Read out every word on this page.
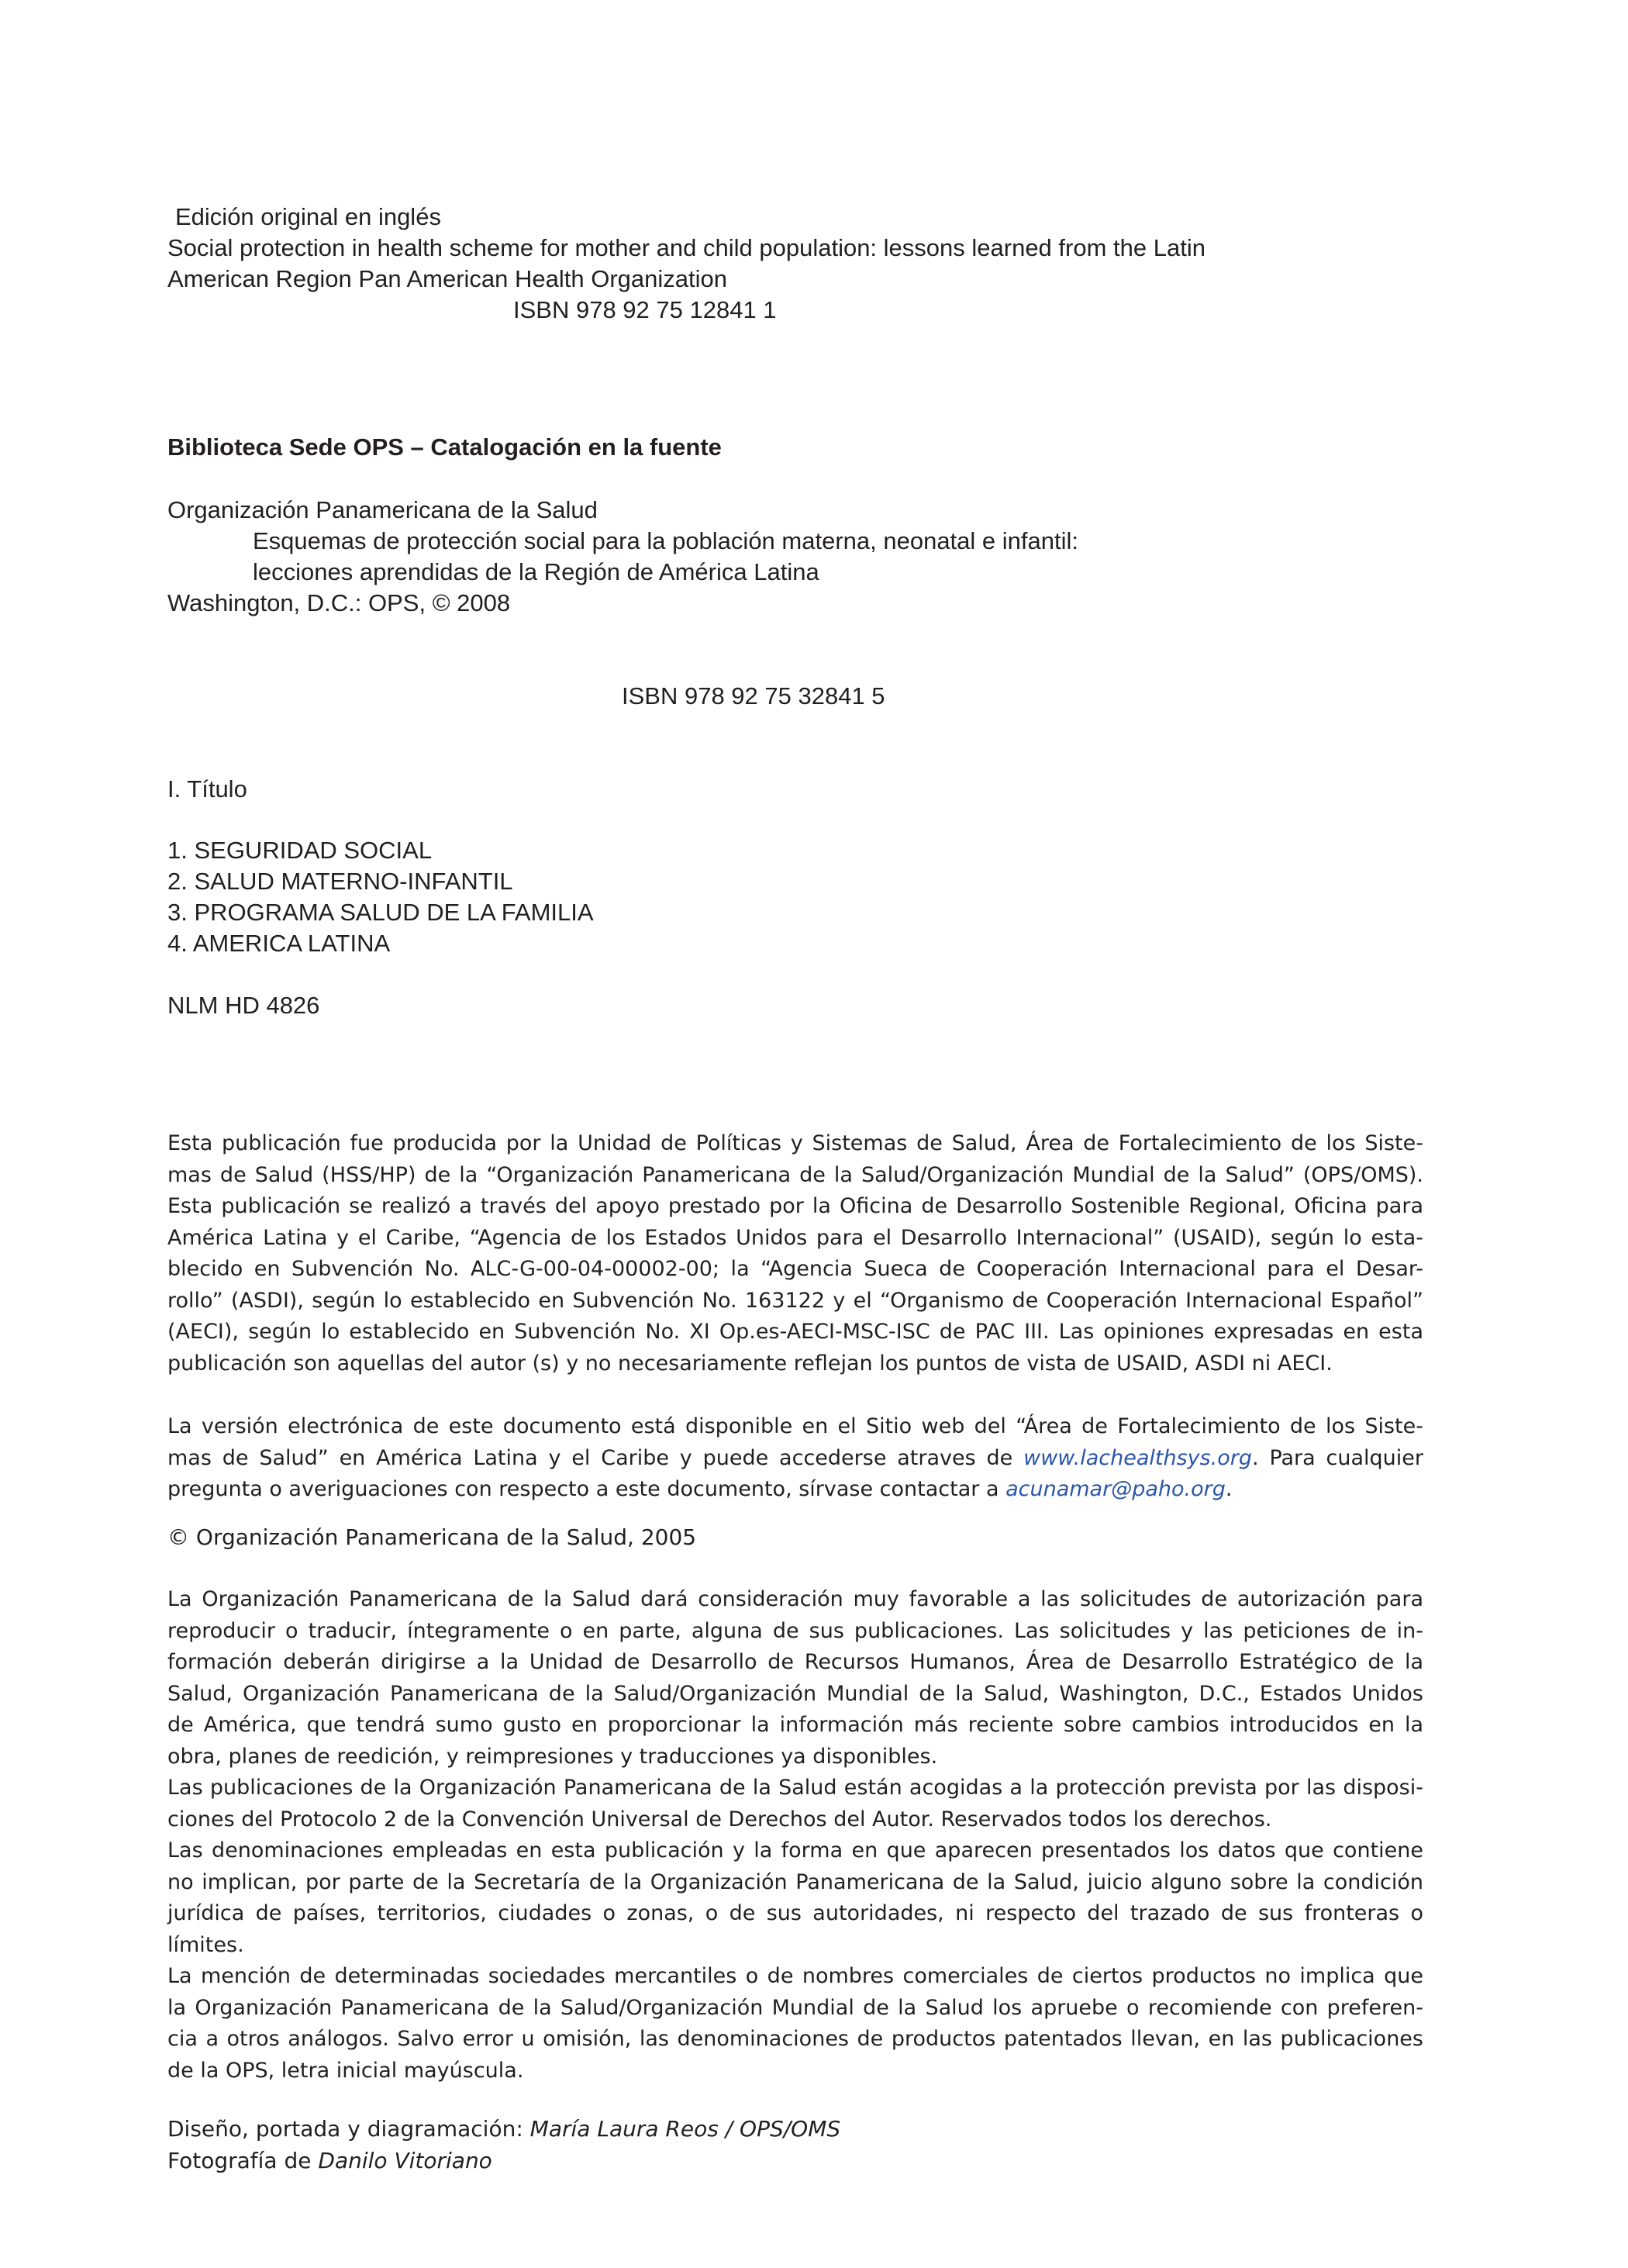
Edición original en inglés
Social protection in health scheme for mother and child population: lessons learned from the Latin
American Region Pan American Health Organization
ISBN 978 92 75 12841 1
Biblioteca Sede OPS – Catalogación en la fuente
Organización Panamericana de la Salud
Esquemas de protección social para la población materna, neonatal e infantil:
lecciones aprendidas de la Región de América Latina
Washington, D.C.: OPS, © 2008
ISBN 978 92 75 32841 5
I. Título
1. SEGURIDAD SOCIAL
2. SALUD MATERNO-INFANTIL
3. PROGRAMA SALUD DE LA FAMILIA
4. AMERICA LATINA
NLM HD 4826
Esta publicación fue producida por la Unidad de Políticas y Sistemas de Salud, Área de Fortalecimiento de los Siste-
mas de Salud (HSS/HP) de la “Organización Panamericana de la Salud/Organización Mundial de la Salud” (OPS/OMS).
Esta publicación se realizó a través del apoyo prestado por la Oficina de Desarrollo Sostenible Regional, Oficina para
América Latina y el Caribe, “Agencia de los Estados Unidos para el Desarrollo Internacional” (USAID), según lo esta-
blecido en Subvención No. ALC-G-00-04-00002-00; la “Agencia Sueca de Cooperación Internacional para el Desar-
rollo” (ASDI), según lo establecido en Subvención No. 163122 y el “Organismo de Cooperación Internacional Español”
(AECI), según lo establecido en Subvención No. XI Op.es-AECI-MSC-ISC de PAC III. Las opiniones expresadas en esta
publicación son aquellas del autor (s) y no necesariamente reflejan los puntos de vista de USAID, ASDI ni AECI.
La versión electrónica de este documento está disponible en el Sitio web del “Área de Fortalecimiento de los Siste-
mas de Salud” en América Latina y el Caribe y puede accederse atraves de www.lachealthsys.org. Para cualquier
pregunta o averiguaciones con respecto a este documento, sírvase contactar a acunamar@paho.org.
© Organización Panamericana de la Salud, 2005
La Organización Panamericana de la Salud dará consideración muy favorable a las solicitudes de autorización para
reproducir o traducir, íntegramente o en parte, alguna de sus publicaciones. Las solicitudes y las peticiones de in-
formación deberán dirigirse a la Unidad de Desarrollo de Recursos Humanos, Área de Desarrollo Estratégico de la
Salud, Organización Panamericana de la Salud/Organización Mundial de la Salud, Washington, D.C., Estados Unidos
de América, que tendrá sumo gusto en proporcionar la información más reciente sobre cambios introducidos en la
obra, planes de reedición, y reimpresiones y traducciones ya disponibles.
Las publicaciones de la Organización Panamericana de la Salud están acogidas a la protección prevista por las disposi-
ciones del Protocolo 2 de la Convención Universal de Derechos del Autor. Reservados todos los derechos.
Las denominaciones empleadas en esta publicación y la forma en que aparecen presentados los datos que contiene
no implican, por parte de la Secretaría de la Organización Panamericana de la Salud, juicio alguno sobre la condición
jurídica de países, territorios, ciudades o zonas, o de sus autoridades, ni respecto del trazado de sus fronteras o
límites.
La mención de determinadas sociedades mercantiles o de nombres comerciales de ciertos productos no implica que
la Organización Panamericana de la Salud/Organización Mundial de la Salud los apruebe o recomiende con preferen-
cia a otros análogos. Salvo error u omisión, las denominaciones de productos patentados llevan, en las publicaciones
de la OPS, letra inicial mayúscula.
Diseño, portada y diagramación: María Laura Reos / OPS/OMS
Fotografía de Danilo Vitoriano
